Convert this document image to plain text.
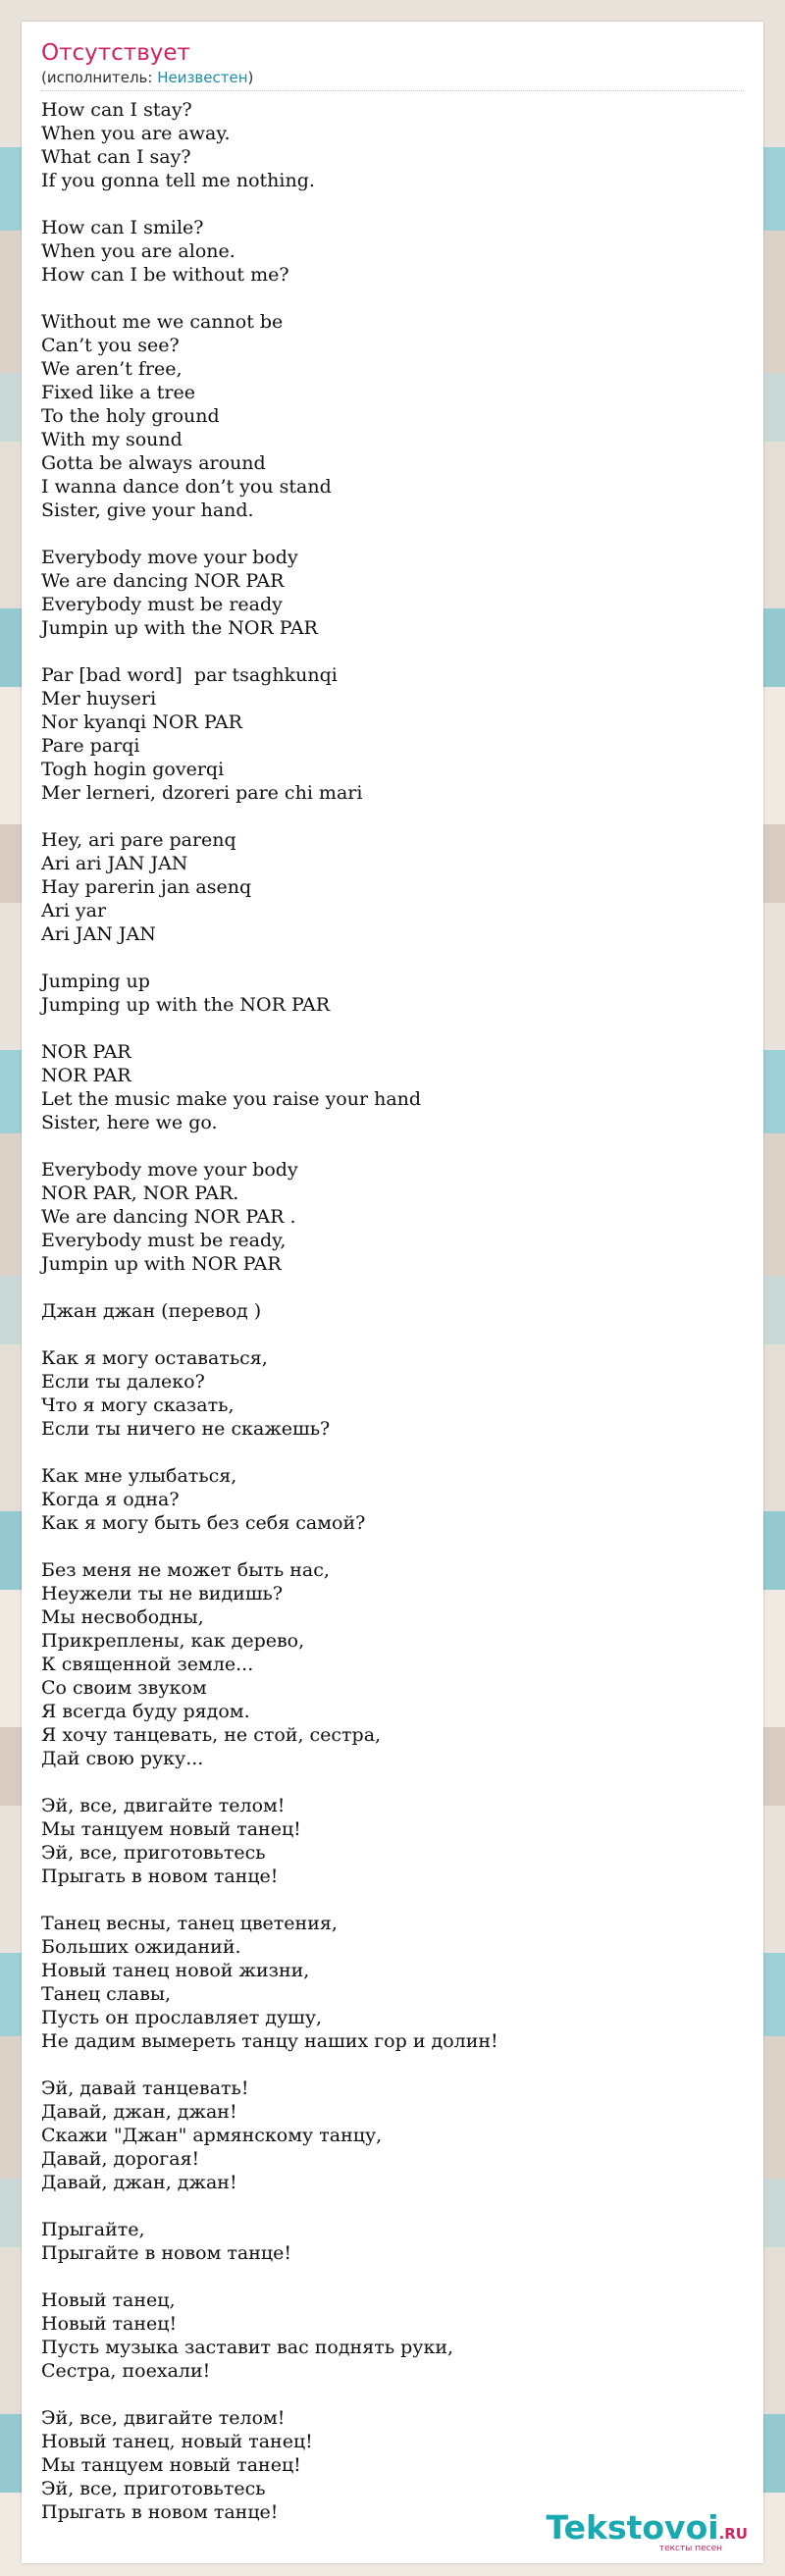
Отсутствует
(исполнитель: Неизвестен)
How can I stay?
When you are away.
What can I say?
If you gonna tell me nothing.

How can I smile?
When you are alone.
How can I be without me?

Without me we cannot be
Can’t you see?
We aren’t free,
Fixed like a tree
To the holy ground
With my sound
Gotta be always around
I wanna dance don’t you stand
Sister, give your hand.

Everybody move your body
We are dancing NOR PAR
Everybody must be ready
Jumpin up with the NOR PAR

Par [bad word]  par tsaghkunqi
Mer huyseri
Nor kyanqi NOR PAR
Pare parqi
Togh hogin goverqi
Mer lerneri, dzoreri pare chi mari

Hey, ari pare parenq
Ari ari JAN JAN
Hay parerin jan asenq
Ari yar
Ari JAN JAN

Jumping up
Jumping up with the NOR PAR

NOR PAR
NOR PAR
Let the music make you raise your hand
Sister, here we go.

Everybody move your body
NOR PAR, NOR PAR.
We are dancing NOR PAR .
Everybody must be ready,
Jumpin up with NOR PAR

Джан джан (перевод )

Как я могу оставаться,
Если ты далеко?
Что я могу сказать,
Если ты ничего не скажешь?

Как мне улыбаться,
Когда я одна?
Как я могу быть без себя самой?

Без меня не может быть нас,
Неужели ты не видишь?
Мы несвободны,
Прикреплены, как дерево,
К священной земле...
Со своим звуком
Я всегда буду рядом.
Я хочу танцевать, не стой, сестра,
Дай свою руку...

Эй, все, двигайте телом!
Мы танцуем новый танец!
Эй, все, приготовьтесь
Прыгать в новом танце!

Танец весны, танец цветения,
Больших ожиданий.
Новый танец новой жизни,
Танец славы,
Пусть он прославляет душу,
Не дадим вымереть танцу наших гор и долин!

Эй, давай танцевать!
Давай, джан, джан!
Скажи "Джан" армянскому танцу,
Давай, дорогая!
Давай, джан, джан!

Прыгайте,
Прыгайте в новом танце!

Новый танец,
Новый танец!
Пусть музыка заставит вас поднять руки,
Сестра, поехали!

Эй, все, двигайте телом!
Новый танец, новый танец!
Мы танцуем новый танец!
Эй, все, приготовьтесь
Прыгать в новом танце!	Tekstovoi.RU
тексты песен
